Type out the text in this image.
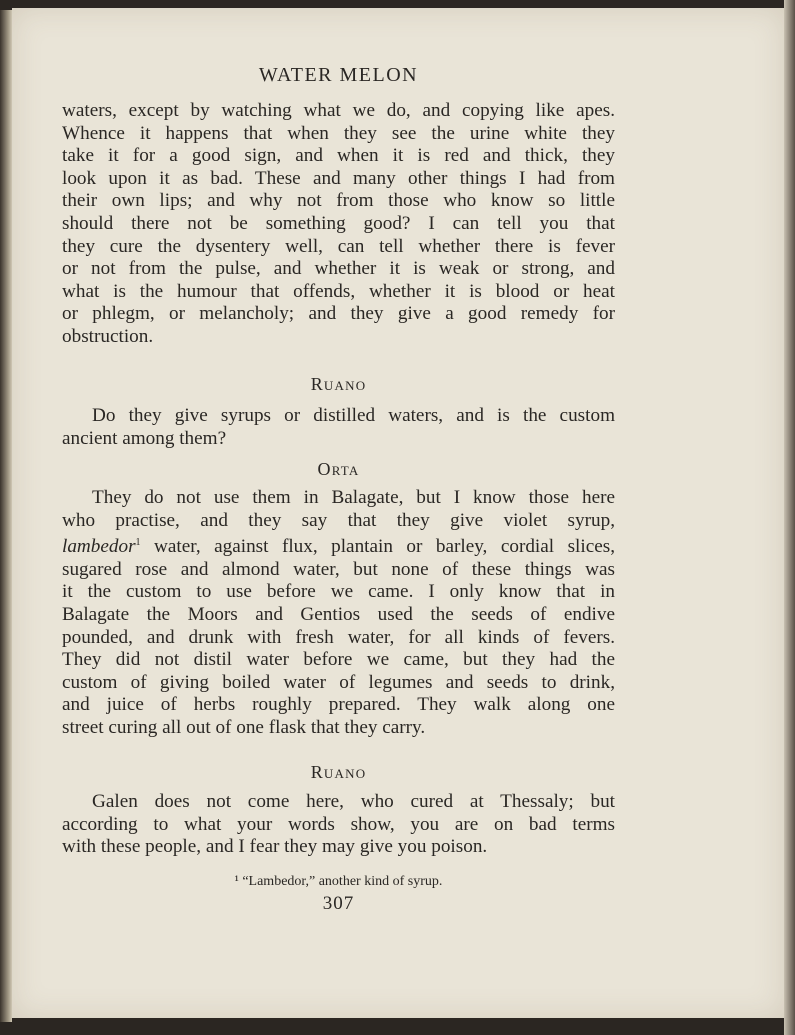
WATER MELON

waters, except by watching what we do, and copying like apes.

Whence it happens that when they see the urine white they

take it for a good sign, and when it is red and thick, they

look upon it as bad. These and many other things I had from

their own lips; and why not from those who know so little

should there not be something good? I can tell you that

they cure the dysentery well, can tell whether there is fever

or not from the pulse, and whether it is weak or strong, and

what is the humour that offends, whether it is blood or heat

or phlegm, or melancholy; and they give a good remedy for

obstruction.

Ruano

Do they give syrups or distilled waters, and is the custom

ancient among them?

Orta

They do not use them in Balagate, but I know those here

who practise, and they say that they give violet syrup,

lambedor$^1$ water, against flux, plantain or barley, cordial slices,

sugared rose and almond water, but none of these things was

it the custom to use before we came. I only know that in

Balagate the Moors and Gentios used the seeds of endive

pounded, and drunk with fresh water, for all kinds of fevers.

They did not distil water before we came, but they had the

custom of giving boiled water of legumes and seeds to drink,

and juice of herbs roughly prepared. They walk along one

street curing all out of one flask that they carry.

Ruano

Galen does not come here, who cured at Thessaly; but

according to what your words show, you are on bad terms

with these people, and I fear they may give you poison.

¹ “Lambedor,” another kind of syrup.
307
